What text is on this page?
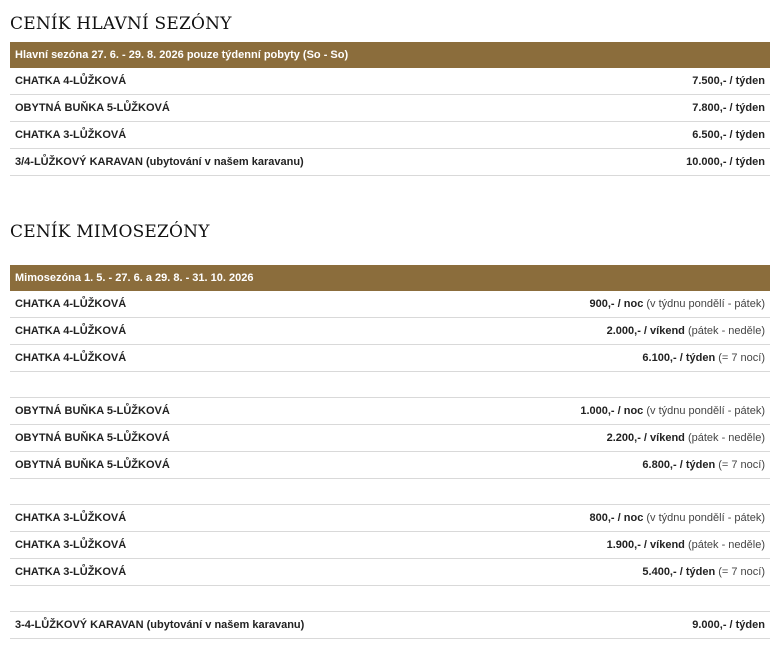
CENÍK HLAVNÍ SEZÓNY
Hlavní sezóna 27. 6. - 29. 8. 2026 pouze týdenní pobyty (So - So)	
CHATKA 4-LŮŽKOVÁ	7.500,- / týden
OBYTNÁ BUŇKA 5-LŮŽKOVÁ	7.800,- / týden
CHATKA 3-LŮŽKOVÁ	6.500,- / týden
3/4-LŮŽKOVÝ KARAVAN (ubytování v našem karavanu)	10.000,- / týden
CENÍK MIMOSEZÓNY
Mimosezóna 1. 5. - 27. 6. a 29. 8. - 31. 10. 2026	
CHATKA 4-LŮŽKOVÁ	900,- / noc (v týdnu pondělí - pátek)
CHATKA 4-LŮŽKOVÁ	2.000,- / víkend (pátek - neděle)
CHATKA 4-LŮŽKOVÁ	6.100,- / týden (= 7 nocí)

OBYTNÁ BUŇKA 5-LŮŽKOVÁ	1.000,- / noc (v týdnu pondělí - pátek)
OBYTNÁ BUŇKA 5-LŮŽKOVÁ	2.200,- / víkend (pátek - neděle)
OBYTNÁ BUŇKA 5-LŮŽKOVÁ	6.800,- / týden (= 7 nocí)

CHATKA 3-LŮŽKOVÁ	800,- / noc (v týdnu pondělí - pátek)
CHATKA 3-LŮŽKOVÁ	1.900,- / víkend (pátek - neděle)
CHATKA 3-LŮŽKOVÁ	5.400,- / týden (= 7 nocí)

3-4-LŮŽKOVÝ KARAVAN (ubytování v našem karavanu)	9.000,- / týden
